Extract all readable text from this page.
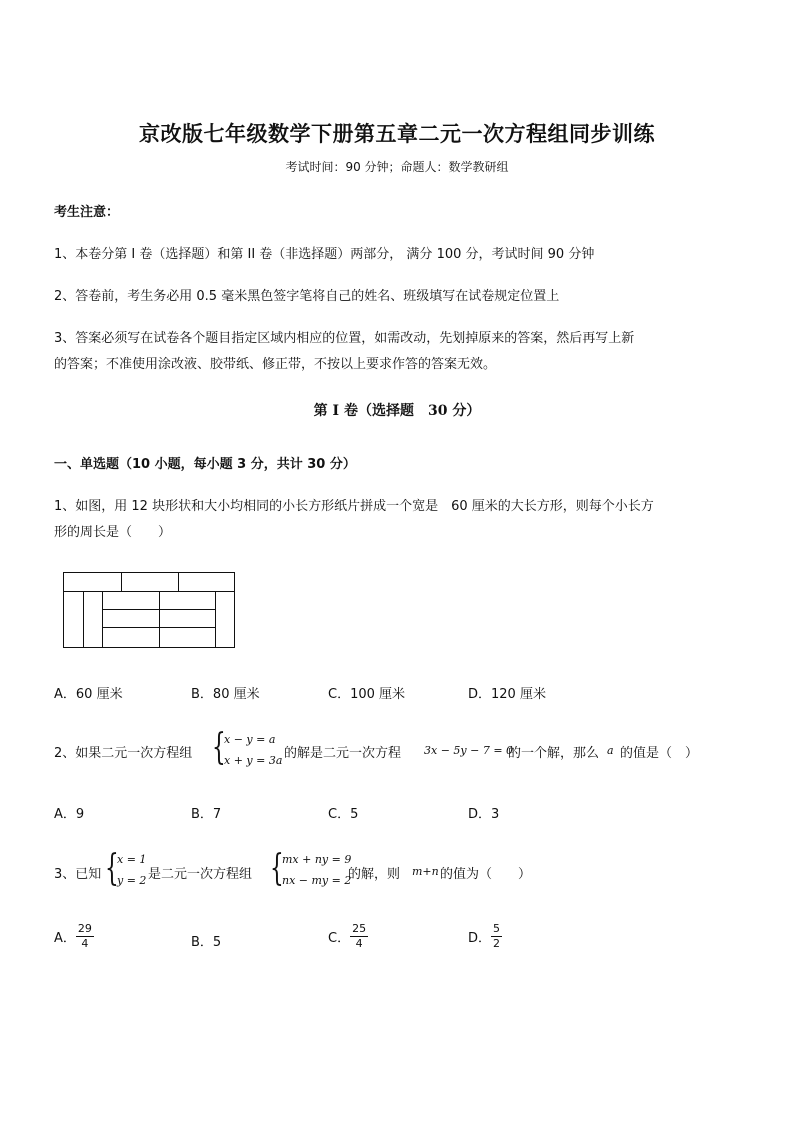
京改版七年级数学下册第五章二元一次方程组同步训练
考试时间：90 分钟；命题人：数学教研组
考生注意：
1、本卷分第 I 卷（选择题）和第 II 卷（非选择题）两部分， 满分 100 分，考试时间 90 分钟
2、答卷前，考生务必用 0.5 毫米黑色签字笔将自己的姓名、班级填写在试卷规定位置上
3、答案必须写在试卷各个题目指定区域内相应的位置，如需改动，先划掉原来的答案，然后再写上新
的答案；不准使用涂改液、胶带纸、修正带，不按以上要求作答的答案无效。
第 I 卷（选择题　30 分）
一、单选题（10 小题，每小题 3 分，共计 30 分）
1、如图，用 12 块形状和大小均相同的小长方形纸片拼成一个宽是　60 厘米的大长方形，则每个小长方
形的周长是（　　）
A．60 厘米	B．80 厘米	C．100 厘米	D．120 厘米
2、如果二元一次方程组 {
x − y = a
x + y = 3a 的解是二元一次方程 3x − 5y − 7 = 0
的一个解，那么 a 的值是（　）
A．9	B．7	C．5	D．3
3、已知 {
x = 1
y = 2 是二元一次方程组 {
mx + ny = 9
nx − my = 2
的解，则 m+n 的值为（　　）
A． $\frac{29}{4}$	B．5	C． $\frac{25}{4}$	D． $\frac{5}{2}$
